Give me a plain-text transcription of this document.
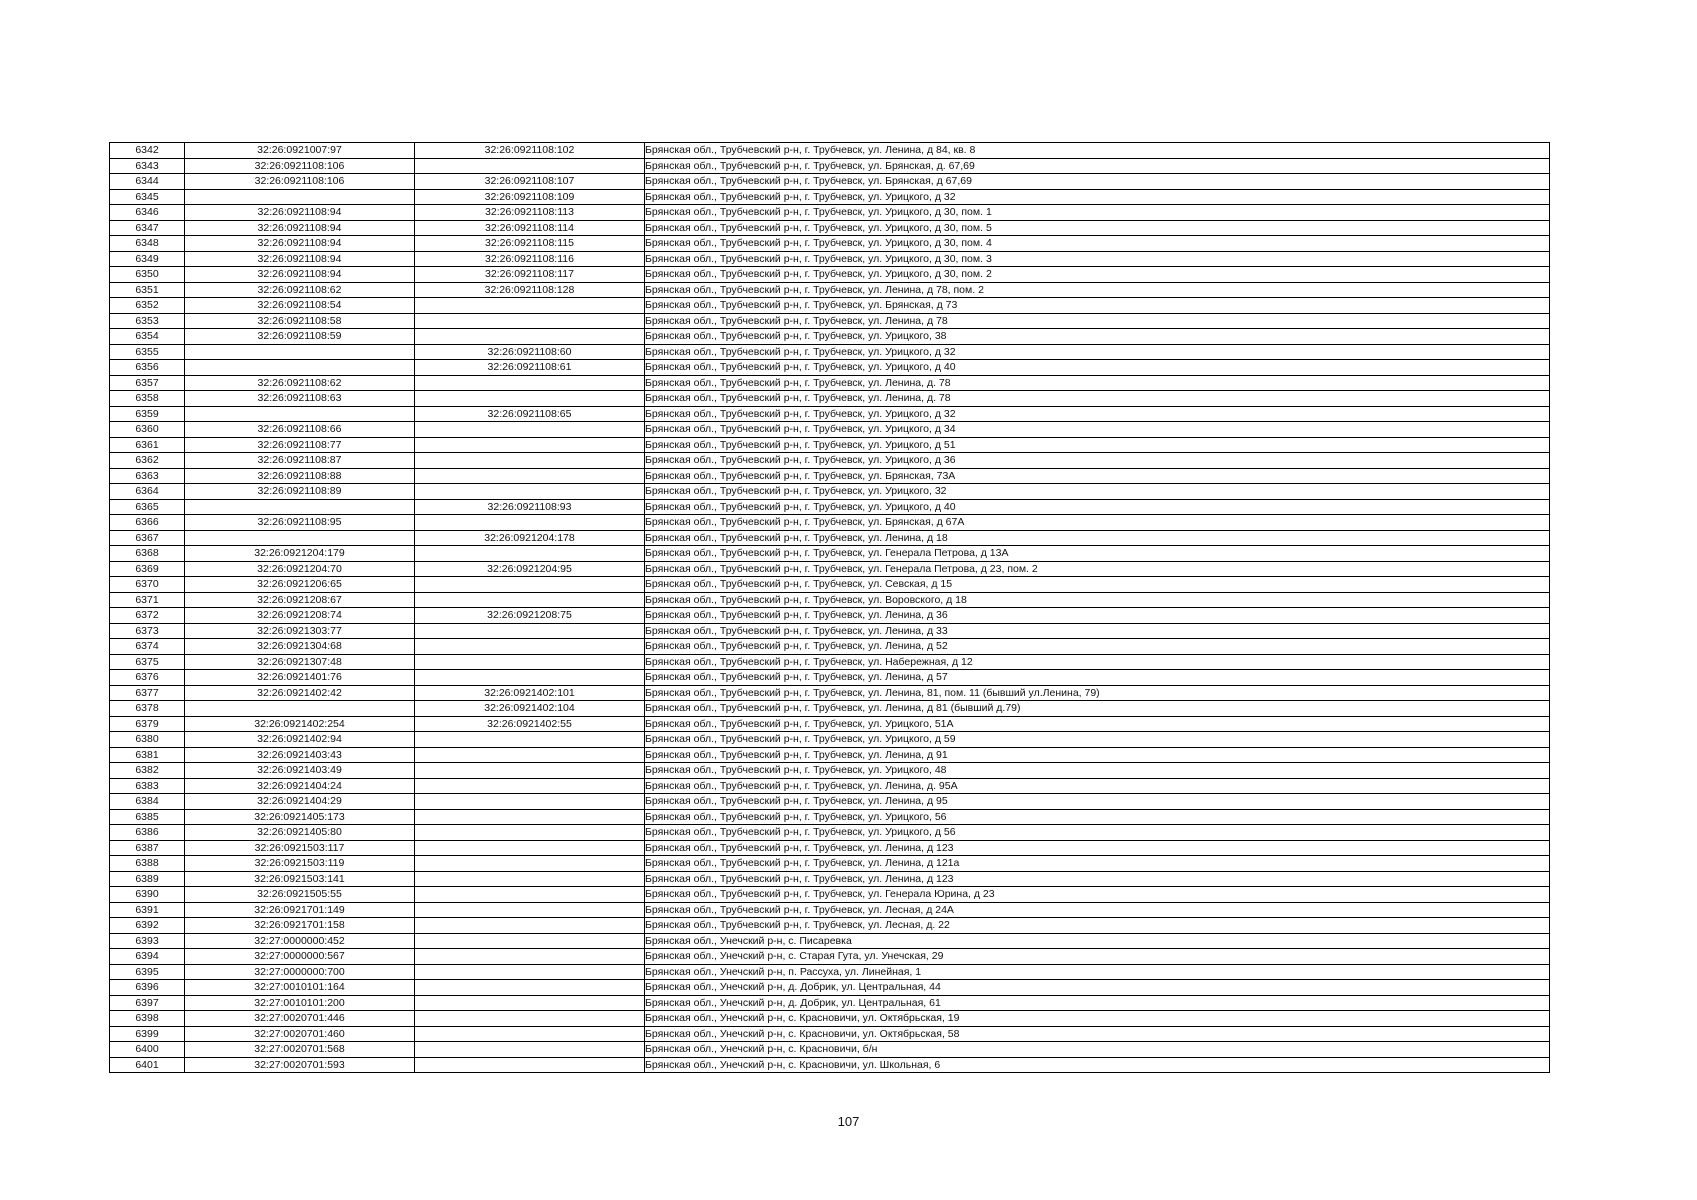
6342	32:26:0921007:97	32:26:0921108:102	Брянская обл., Трубчевский р-н, г. Трубчевск, ул. Ленина, д 84, кв. 8
6343	32:26:0921108:106		Брянская обл., Трубчевский р-н, г. Трубчевск, ул. Брянская, д. 67,69
6344	32:26:0921108:106	32:26:0921108:107	Брянская обл., Трубчевский р-н, г. Трубчевск, ул. Брянская, д 67,69
6345		32:26:0921108:109	Брянская обл., Трубчевский р-н, г. Трубчевск, ул. Урицкого, д 32
6346	32:26:0921108:94	32:26:0921108:113	Брянская обл., Трубчевский р-н, г. Трубчевск, ул. Урицкого, д 30, пом. 1
6347	32:26:0921108:94	32:26:0921108:114	Брянская обл., Трубчевский р-н, г. Трубчевск, ул. Урицкого, д 30, пом. 5
6348	32:26:0921108:94	32:26:0921108:115	Брянская обл., Трубчевский р-н, г. Трубчевск, ул. Урицкого, д 30, пом. 4
6349	32:26:0921108:94	32:26:0921108:116	Брянская обл., Трубчевский р-н, г. Трубчевск, ул. Урицкого, д 30, пом. 3
6350	32:26:0921108:94	32:26:0921108:117	Брянская обл., Трубчевский р-н, г. Трубчевск, ул. Урицкого, д 30, пом. 2
6351	32:26:0921108:62	32:26:0921108:128	Брянская обл., Трубчевский р-н, г. Трубчевск, ул. Ленина, д 78, пом. 2
6352	32:26:0921108:54		Брянская обл., Трубчевский р-н, г. Трубчевск, ул. Брянская, д 73
6353	32:26:0921108:58		Брянская обл., Трубчевский р-н, г. Трубчевск, ул. Ленина, д 78
6354	32:26:0921108:59		Брянская обл., Трубчевский р-н, г. Трубчевск, ул. Урицкого, 38
6355		32:26:0921108:60	Брянская обл., Трубчевский р-н, г. Трубчевск, ул. Урицкого, д 32
6356		32:26:0921108:61	Брянская обл., Трубчевский р-н, г. Трубчевск, ул. Урицкого, д 40
6357	32:26:0921108:62		Брянская обл., Трубчевский р-н, г. Трубчевск, ул. Ленина, д. 78
6358	32:26:0921108:63		Брянская обл., Трубчевский р-н, г. Трубчевск, ул. Ленина, д. 78
6359		32:26:0921108:65	Брянская обл., Трубчевский р-н, г. Трубчевск, ул. Урицкого, д 32
6360	32:26:0921108:66		Брянская обл., Трубчевский р-н, г. Трубчевск, ул. Урицкого, д 34
6361	32:26:0921108:77		Брянская обл., Трубчевский р-н, г. Трубчевск, ул. Урицкого, д 51
6362	32:26:0921108:87		Брянская обл., Трубчевский р-н, г. Трубчевск, ул. Урицкого, д 36
6363	32:26:0921108:88		Брянская обл., Трубчевский р-н, г. Трубчевск, ул. Брянская, 73А
6364	32:26:0921108:89		Брянская обл., Трубчевский р-н, г. Трубчевск, ул. Урицкого, 32
6365		32:26:0921108:93	Брянская обл., Трубчевский р-н, г. Трубчевск, ул. Урицкого, д 40
6366	32:26:0921108:95		Брянская обл., Трубчевский р-н, г. Трубчевск, ул. Брянская, д 67А
6367		32:26:0921204:178	Брянская обл., Трубчевский р-н, г. Трубчевск, ул. Ленина, д 18
6368	32:26:0921204:179		Брянская обл., Трубчевский р-н, г. Трубчевск, ул. Генерала Петрова, д 13А
6369	32:26:0921204:70	32:26:0921204:95	Брянская обл., Трубчевский р-н, г. Трубчевск, ул. Генерала Петрова, д 23, пом. 2
6370	32:26:0921206:65		Брянская обл., Трубчевский р-н, г. Трубчевск, ул. Севская, д 15
6371	32:26:0921208:67		Брянская обл., Трубчевский р-н, г. Трубчевск, ул. Воровского, д 18
6372	32:26:0921208:74	32:26:0921208:75	Брянская обл., Трубчевский р-н, г. Трубчевск, ул. Ленина, д 36
6373	32:26:0921303:77		Брянская обл., Трубчевский р-н, г. Трубчевск, ул. Ленина, д 33
6374	32:26:0921304:68		Брянская обл., Трубчевский р-н, г. Трубчевск, ул. Ленина, д 52
6375	32:26:0921307:48		Брянская обл., Трубчевский р-н, г. Трубчевск, ул. Набережная, д 12
6376	32:26:0921401:76		Брянская обл., Трубчевский р-н, г. Трубчевск, ул. Ленина, д 57
6377	32:26:0921402:42	32:26:0921402:101	Брянская обл., Трубчевский р-н, г. Трубчевск, ул. Ленина, 81, пом. 11 (бывший ул.Ленина, 79)
6378		32:26:0921402:104	Брянская обл., Трубчевский р-н, г. Трубчевск, ул. Ленина, д 81 (бывший д.79)
6379	32:26:0921402:254	32:26:0921402:55	Брянская обл., Трубчевский р-н, г. Трубчевск, ул. Урицкого, 51А
6380	32:26:0921402:94		Брянская обл., Трубчевский р-н, г. Трубчевск, ул. Урицкого, д 59
6381	32:26:0921403:43		Брянская обл., Трубчевский р-н, г. Трубчевск, ул. Ленина, д 91
6382	32:26:0921403:49		Брянская обл., Трубчевский р-н, г. Трубчевск, ул. Урицкого, 48
6383	32:26:0921404:24		Брянская обл., Трубчевский р-н, г. Трубчевск, ул. Ленина, д. 95А
6384	32:26:0921404:29		Брянская обл., Трубчевский р-н, г. Трубчевск, ул. Ленина, д 95
6385	32:26:0921405:173		Брянская обл., Трубчевский р-н, г. Трубчевск, ул. Урицкого, 56
6386	32:26:0921405:80		Брянская обл., Трубчевский р-н, г. Трубчевск, ул. Урицкого, д 56
6387	32:26:0921503:117		Брянская обл., Трубчевский р-н, г. Трубчевск, ул. Ленина, д 123
6388	32:26:0921503:119		Брянская обл., Трубчевский р-н, г. Трубчевск, ул. Ленина, д 121а
6389	32:26:0921503:141		Брянская обл., Трубчевский р-н, г. Трубчевск, ул. Ленина, д 123
6390	32:26:0921505:55		Брянская обл., Трубчевский р-н, г. Трубчевск, ул. Генерала Юрина, д 23
6391	32:26:0921701:149		Брянская обл., Трубчевский р-н, г. Трубчевск, ул. Лесная, д 24А
6392	32:26:0921701:158		Брянская обл., Трубчевский р-н, г. Трубчевск, ул. Лесная, д. 22
6393	32:27:0000000:452		Брянская обл., Унечский р-н, с. Писаревка
6394	32:27:0000000:567		Брянская обл., Унечский р-н, с. Старая Гута, ул. Унечская, 29
6395	32:27:0000000:700		Брянская обл., Унечский р-н, п. Рассуха, ул. Линейная, 1
6396	32:27:0010101:164		Брянская обл., Унечский р-н, д. Добрик, ул. Центральная, 44
6397	32:27:0010101:200		Брянская обл., Унечский р-н, д. Добрик, ул. Центральная, 61
6398	32:27:0020701:446		Брянская обл., Унечский р-н, с. Красновичи, ул. Октябрьская, 19
6399	32:27:0020701:460		Брянская обл., Унечский р-н, с. Красновичи, ул. Октябрьская, 58
6400	32:27:0020701:568		Брянская обл., Унечский р-н, с. Красновичи, б/н
6401	32:27:0020701:593		Брянская обл., Унечский р-н, с. Красновичи, ул. Школьная, 6
107
